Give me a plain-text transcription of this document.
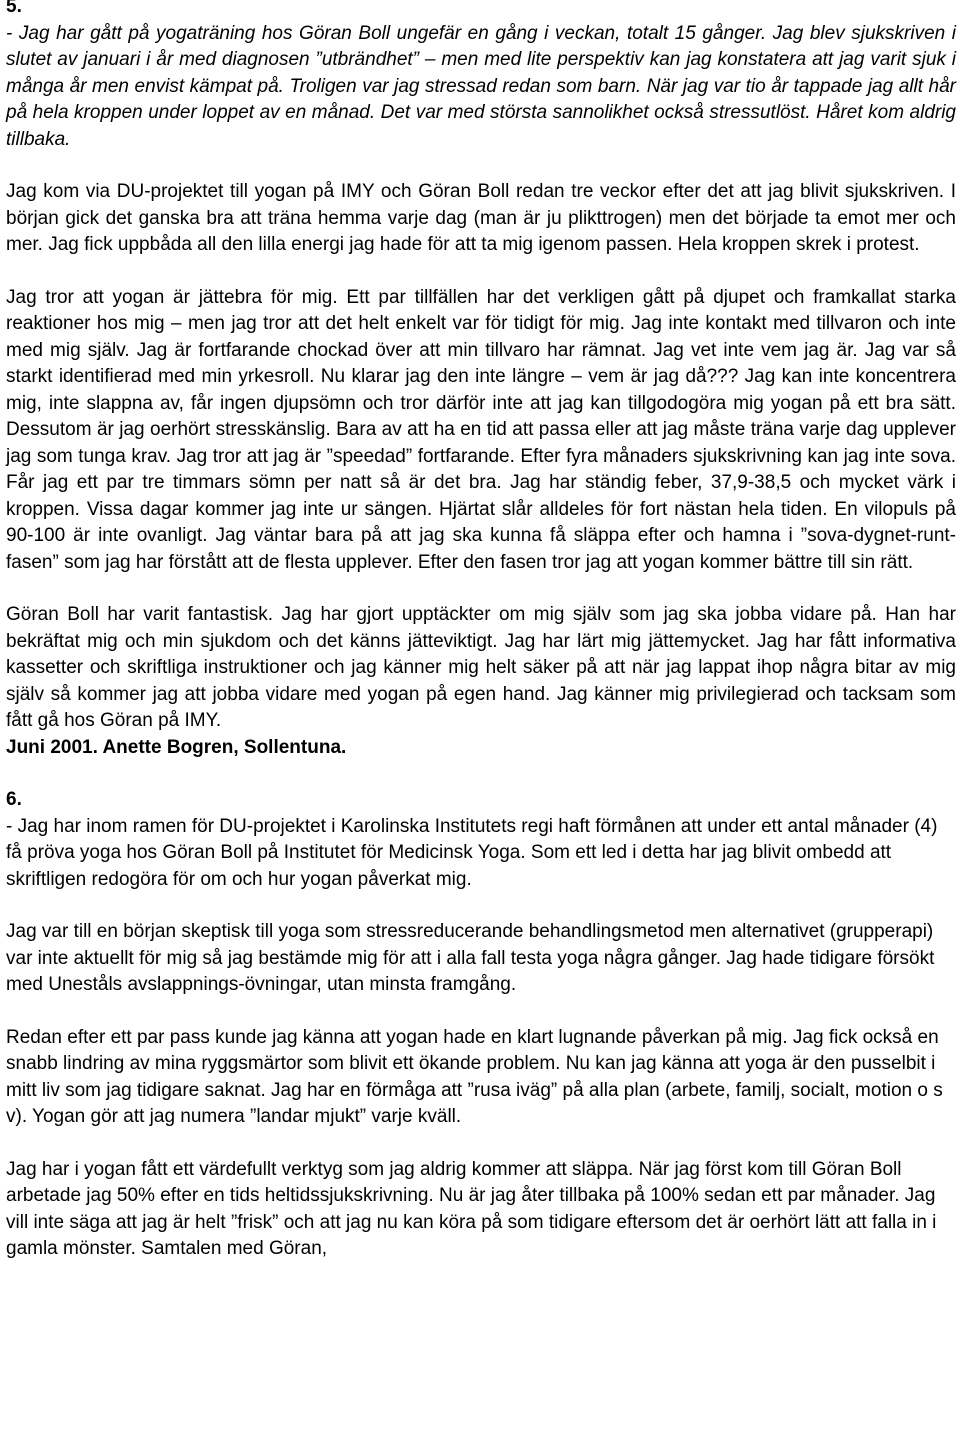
5.

- Jag har gått på yogaträning hos Göran Boll ungefär en gång i veckan, totalt 15 gånger. Jag blev sjukskriven i slutet av januari i år med diagnosen ”utbrändhet” – men med lite perspektiv kan jag konstatera att jag varit sjuk i många år men envist kämpat på. Troligen var jag stressad redan som barn. När jag var tio år tappade jag allt hår på hela kroppen under loppet av en månad. Det var med största sannolikhet också stressutlöst. Håret kom aldrig tillbaka.

Jag kom via DU-projektet till yogan på IMY och Göran Boll redan tre veckor efter det att jag blivit sjukskriven. I början gick det ganska bra att träna hemma varje dag (man är ju plikttrogen) men det började ta emot mer och mer. Jag fick uppbåda all den lilla energi jag hade för att ta mig igenom passen. Hela kroppen skrek i protest.

Jag tror att yogan är jättebra för mig. Ett par tillfällen har det verkligen gått på djupet och framkallat starka reaktioner hos mig – men jag tror att det helt enkelt var för tidigt för mig. Jag inte kontakt med tillvaron och inte med mig själv. Jag är fortfarande chockad över att min tillvaro har rämnat. Jag vet inte vem jag är. Jag var så starkt identifierad med min yrkesroll. Nu klarar jag den inte längre – vem är jag då??? Jag kan inte koncentrera mig, inte slappna av, får ingen djupsömn och tror därför inte att jag kan tillgodogöra mig yogan på ett bra sätt. Dessutom är jag oerhört stresskänslig. Bara av att ha en tid att passa eller att jag måste träna varje dag upplever jag som tunga krav. Jag tror att jag är ”speedad” fortfarande. Efter fyra månaders sjukskrivning kan jag inte sova. Får jag ett par tre timmars sömn per natt så är det bra. Jag har ständig feber, 37,9-38,5 och mycket värk i kroppen. Vissa dagar kommer jag inte ur sängen. Hjärtat slår alldeles för fort nästan hela tiden. En vilopuls på 90-100 är inte ovanligt. Jag väntar bara på att jag ska kunna få släppa efter och hamna i ”sova-dygnet-runt-fasen” som jag har förstått att de flesta upplever. Efter den fasen tror jag att yogan kommer bättre till sin rätt.

Göran Boll har varit fantastisk. Jag har gjort upptäckter om mig själv som jag ska jobba vidare på. Han har bekräftat mig och min sjukdom och det känns jätteviktigt. Jag har lärt mig jättemycket. Jag har fått informativa kassetter och skriftliga instruktioner och jag känner mig helt säker på att när jag lappat ihop några bitar av mig själv så kommer jag att jobba vidare med yogan på egen hand. Jag känner mig privilegierad och tacksam som fått gå hos Göran på IMY.

Juni 2001. Anette Bogren, Sollentuna.
6.

- Jag har inom ramen för DU-projektet i Karolinska Institutets regi haft förmånen att under ett antal månader (4) få pröva yoga hos Göran Boll på Institutet för Medicinsk Yoga. Som ett led i detta har jag blivit ombedd att skriftligen redogöra för om och hur yogan påverkat mig.

Jag var till en början skeptisk till yoga som stressreducerande behandlingsmetod men alternativet (grupperapi) var inte aktuellt för mig så jag bestämde mig för att i alla fall testa yoga några gånger. Jag hade tidigare försökt med Uneståls avslappnings-övningar, utan minsta framgång.

Redan efter ett par pass kunde jag känna att yogan hade en klart lugnande påverkan på mig. Jag fick också en snabb lindring av mina ryggsmärtor som blivit ett ökande problem. Nu kan jag känna att yoga är den pusselbit i mitt liv som jag tidigare saknat. Jag har en förmåga att ”rusa iväg” på alla plan (arbete, familj, socialt, motion o s v). Yogan gör att jag numera ”landar mjukt” varje kväll.

Jag har i yogan fått ett värdefullt verktyg som jag aldrig kommer att släppa. När jag först kom till Göran Boll arbetade jag 50% efter en tids heltidssjukskrivning. Nu är jag åter tillbaka på 100% sedan ett par månader. Jag vill inte säga att jag är helt ”frisk” och att jag nu kan köra på som tidigare eftersom det är oerhört lätt att falla in i gamla mönster. Samtalen med Göran,
